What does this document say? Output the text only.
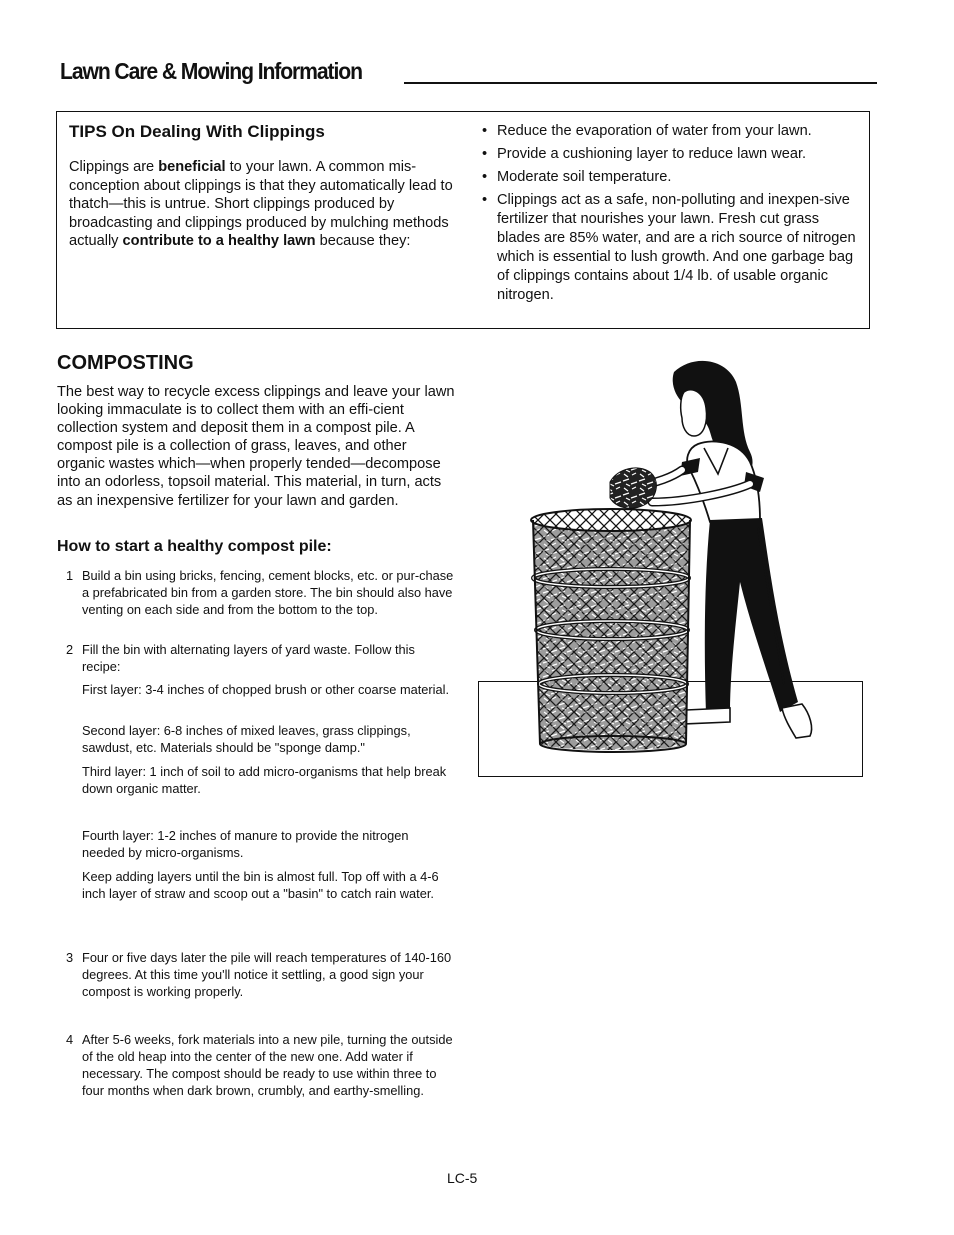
Lawn Care & Mowing Information
TIPS On Dealing With Clippings
Clippings are beneficial to your lawn. A common mis-conception about clippings is that they automatically lead to thatch—this is untrue. Short clippings produced by broadcasting and clippings produced by mulching methods actually contribute to a healthy lawn because they:
• Reduce the evaporation of water from your lawn.
• Provide a cushioning layer to reduce lawn wear.
• Moderate soil temperature.
• Clippings act as a safe, non-polluting and inexpen-sive fertilizer that nourishes your lawn. Fresh cut grass blades are 85% water, and are a rich source of nitrogen which is essential to lush growth. And one garbage bag of clippings contains about 1/4 lb. of usable organic nitrogen.
COMPOSTING
The best way to recycle excess clippings and leave your lawn looking immaculate is to collect them with an effi-cient collection system and deposit them in a compost pile. A compost pile is a collection of grass, leaves, and other organic wastes which—when properly tended—decompose into an odorless, topsoil material. This material, in turn, acts as an inexpensive fertilizer for your lawn and garden.
How to start a healthy compost pile:
1 Build a bin using bricks, fencing, cement blocks, etc. or pur-chase a prefabricated bin from a garden store. The bin should also have venting on each side and from the bottom to the top.
2 Fill the bin with alternating layers of yard waste. Follow this recipe:
First layer: 3-4 inches of chopped brush or other coarse material.
Second layer: 6-8 inches of mixed leaves, grass clippings, sawdust, etc. Materials should be "sponge damp."
Third layer: 1 inch of soil to add micro-organisms that help break down organic matter.
Fourth layer: 1-2 inches of manure to provide the nitrogen needed by micro-organisms.
Keep adding layers until the bin is almost full. Top off with a 4-6 inch layer of straw and scoop out a "basin" to catch rain water.
3 Four or five days later the pile will reach temperatures of 140-160 degrees. At this time you'll notice it settling, a good sign your compost is working properly.
4 After 5-6 weeks, fork materials into a new pile, turning the outside of the old heap into the center of the new one. Add water if necessary. The compost should be ready to use within three to four months when dark brown, crumbly, and earthy-smelling.
LC-5
